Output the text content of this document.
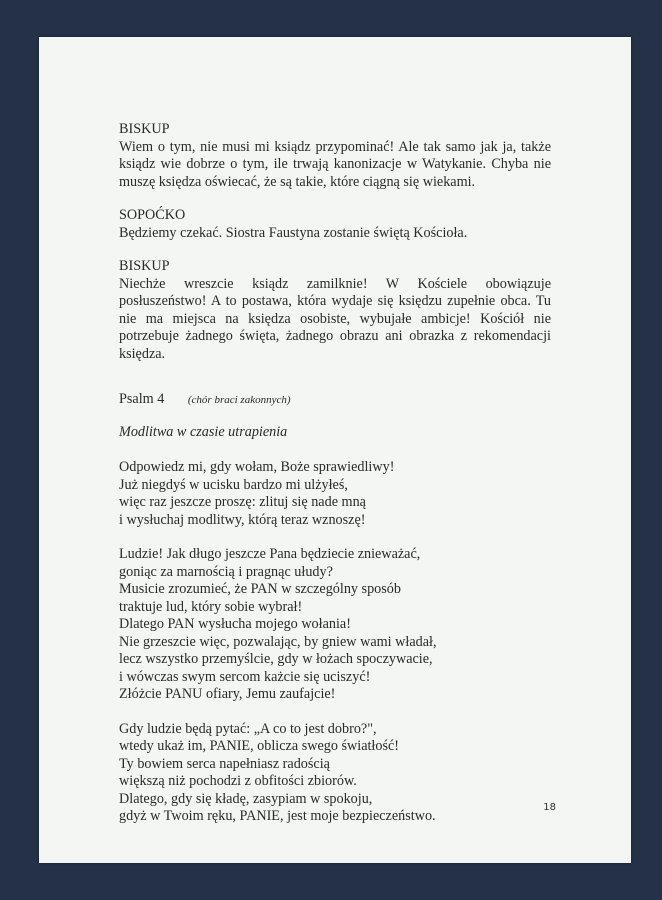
BISKUP
Wiem o tym, nie musi mi ksiądz przypominać! Ale tak samo jak ja, także ksiądz wie dobrze o tym, ile trwają kanonizacje w Watykanie. Chyba nie muszę księdza oświecać, że są takie, które ciągną się wiekami.
SOPOĆKO
Będziemy czekać. Siostra Faustyna zostanie świętą Kościoła.
BISKUP
Niechże wreszcie ksiądz zamilknie! W Kościele obowiązuje posłuszeństwo! A to postawa, która wydaje się księdzu zupełnie obca. Tu nie ma miejsca na księdza osobiste, wybujałe ambicje! Kościół nie potrzebuje żadnego święta, żadnego obrazu ani obrazka z rekomendacji księdza.
Psalm 4 (chór braci zakonnych)
Modlitwa w czasie utrapienia
Odpowiedz mi, gdy wołam, Boże sprawiedliwy!
Już niegdyś w ucisku bardzo mi ulżyłeś,
więc raz jeszcze proszę: zlituj się nade mną
i wysłuchaj modlitwy, którą teraz wznoszę!
Ludzie! Jak długo jeszcze Pana będziecie znieważać,
goniąc za marnością i pragnąc ułudy?
Musicie zrozumieć, że PAN w szczególny sposób
traktuje lud, który sobie wybrał!
Dlatego PAN wysłucha mojego wołania!
Nie grzeszcie więc, pozwalając, by gniew wami władał,
lecz wszystko przemyślcie, gdy w łożach spoczywacie,
i wówczas swym sercom każcie się uciszyć!
Złóżcie PANU ofiary, Jemu zaufajcie!
Gdy ludzie będą pytać: „A co to jest dobro?",
wtedy ukaż im, PANIE, oblicza swego światłość!
Ty bowiem serca napełniasz radością
większą niż pochodzi z obfitości zbiorów.
Dlatego, gdy się kładę, zasypiam w spokoju,
gdyż w Twoim ręku, PANIE, jest moje bezpieczeństwo.
18
